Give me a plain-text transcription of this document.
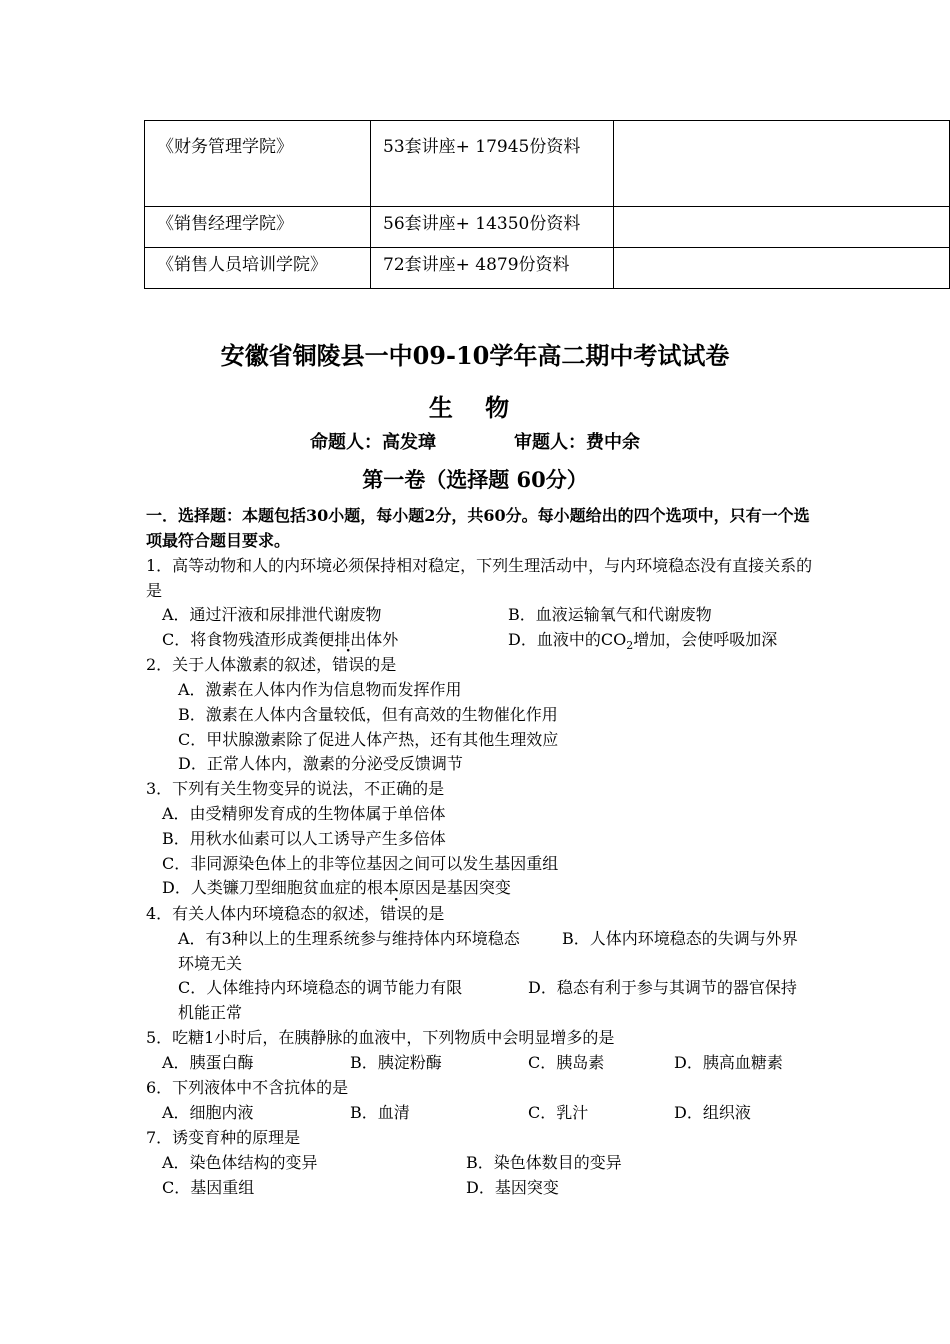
《财务管理学院》	53套讲座+ 17945份资料	

《销售经理学院》	56套讲座+ 14350份资料	
《销售人员培训学院》	72套讲座+ 4879份资料	
安徽省铜陵县一中09-10学年高二期中考试试卷
生 物
命题人：高发璋	审题人：费中余
第一卷（选择题 60分）
一．选择题：本题包括30小题，每小题2分，共60分。每小题给出的四个选项中，只有一个选项最符合题目要求。
1．高等动物和人的内环境必须保持相对稳定，下列生理活动中，与内环境稳态没有直接关系的是
A．通过汗液和尿排泄代谢废物	B．血液运输氧气和代谢废物
C．将食物残渣形成粪便排出体外	D．血液中的$CO_2$增加，会使呼吸加深
2．关于人体激素的叙述，错误的是
A．激素在人体内作为信息物而发挥作用
B．激素在人体内含量较低，但有高效的生物催化作用
C．甲状腺激素除了促进人体产热，还有其他生理效应
D．正常人体内，激素的分泌受反馈调节
3．下列有关生物变异的说法，不正确的是
A．由受精卵发育成的生物体属于单倍体
B．用秋水仙素可以人工诱导产生多倍体
C．非同源染色体上的非等位基因之间可以发生基因重组
D．人类镰刀型细胞贫血症的根本原因是基因突变
4．有关人体内环境稳态的叙述，错误的是
A．有3种以上的生理系统参与维持体内环境稳态	B．人体内环境稳态的失调与外界环境无关
C．人体维持内环境稳态的调节能力有限	D．稳态有利于参与其调节的器官保持机能正常
5．吃糖1小时后，在胰静脉的血液中，下列物质中会明显增多的是
A．胰蛋白酶	B．胰淀粉酶	C．胰岛素	D．胰高血糖素
6．下列液体中不含抗体的是
A．细胞内液	B．血清	C．乳汁	D．组织液
7．诱变育种的原理是
A．染色体结构的变异	B．染色体数目的变异
C．基因重组	D．基因突变
